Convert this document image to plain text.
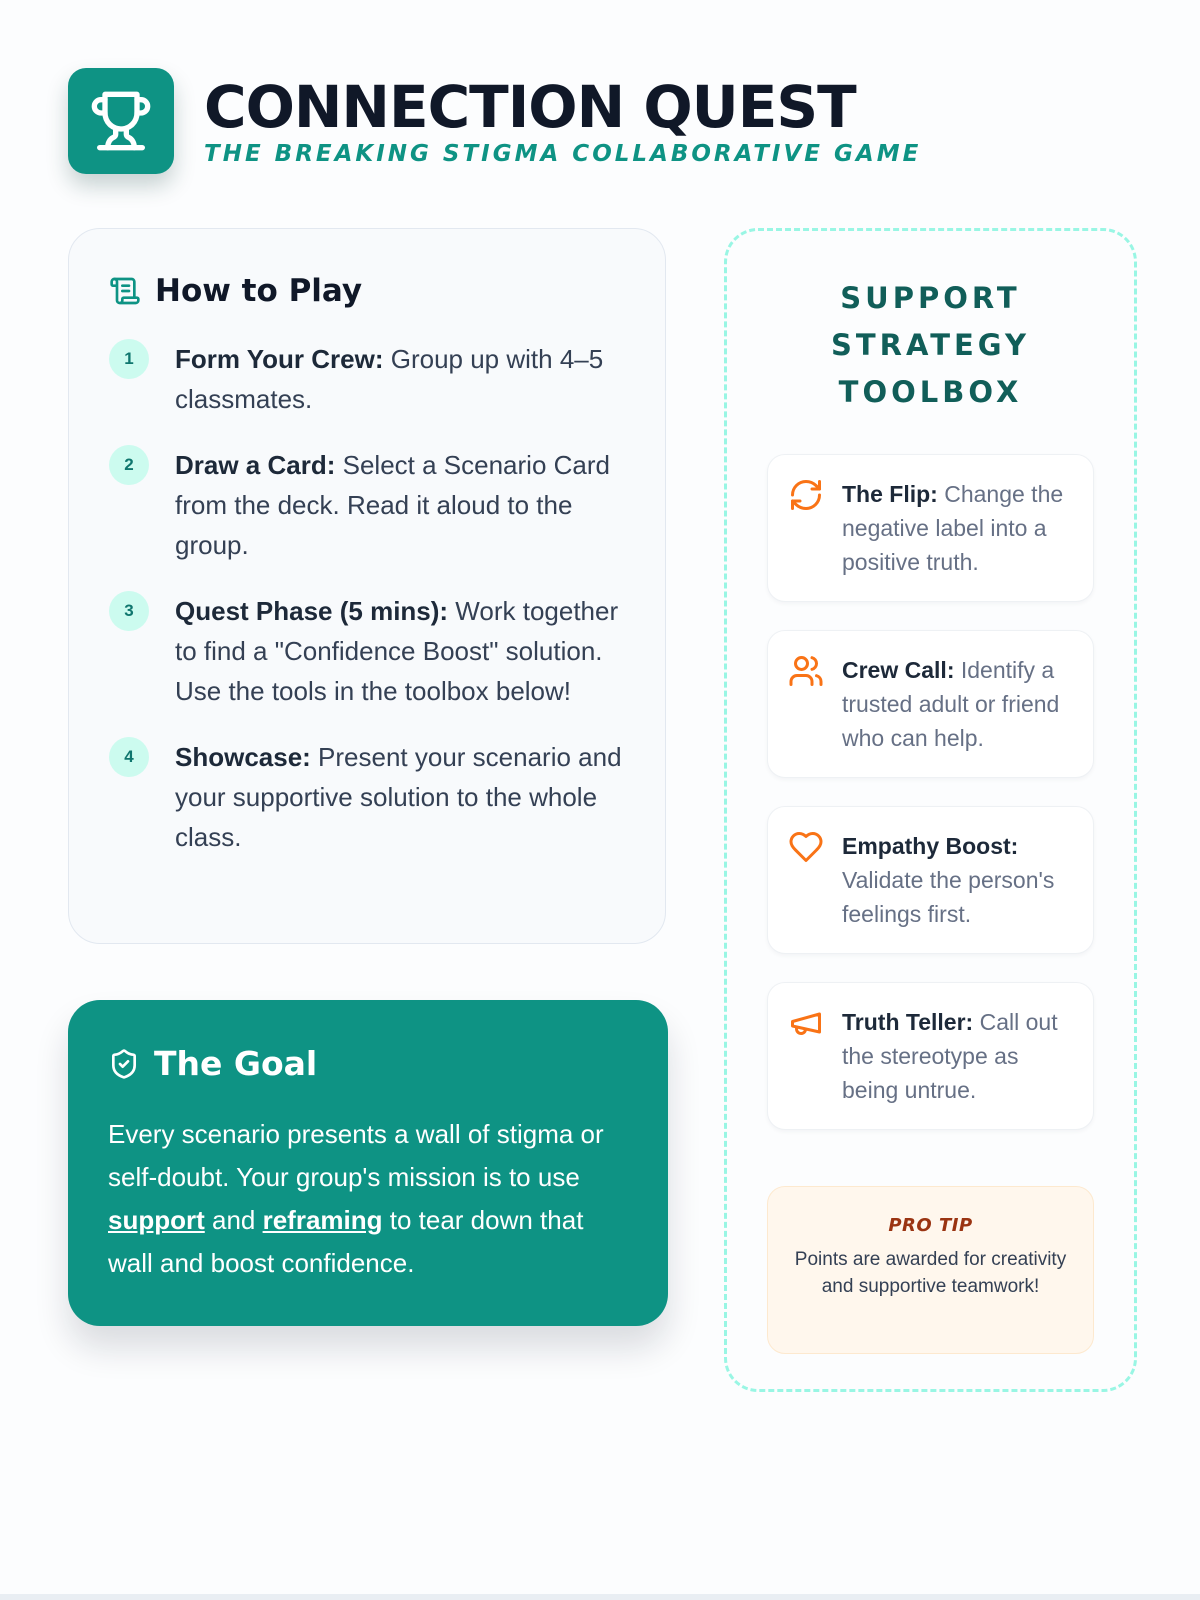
CONNECTION QUEST
THE BREAKING STIGMA COLLABORATIVE GAME
How to Play
1	Form Your Crew: Group up with 4–5 classmates.
2	Draw a Card: Select a Scenario Card from the deck. Read it aloud to the group.
3	Quest Phase (5 mins): Work together to find a "Confidence Boost" solution. Use the tools in the toolbox below!
4	Showcase: Present your scenario and your supportive solution to the whole class.
The Goal
Every scenario presents a wall of stigma or self-doubt. Your group's mission is to use support and reframing to tear down that wall and boost confidence.
SUPPORT STRATEGY TOOLBOX
The Flip: Change the negative label into a positive truth.
Crew Call: Identify a trusted adult or friend who can help.
Empathy Boost: Validate the person's feelings first.
Truth Teller: Call out the stereotype as being untrue.
PRO TIP
Points are awarded for creativity and supportive teamwork!
